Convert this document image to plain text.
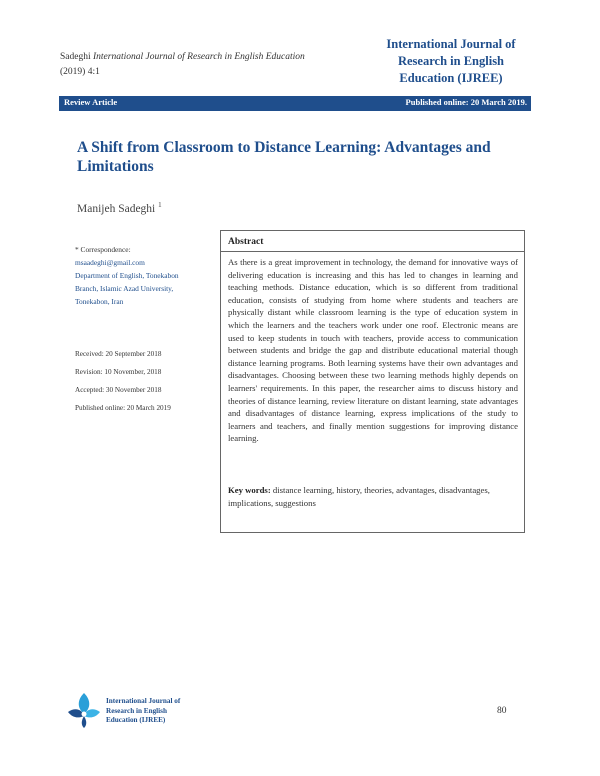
Sadeghi International Journal of Research in English Education
(2019) 4:1
International Journal of
Research in English
Education (IJREE)
Review Article	Published online: 20 March 2019.
A Shift from Classroom to Distance Learning: Advantages and
Limitations
Manijeh Sadeghi $^1$
* Correspondence:
msaadeghi@gmail.com
Department of English, Tonekabon
Branch, Islamic Azad University,
Tonekabon, Iran
Received: 20 September 2018
Revision: 10 November, 2018
Accepted: 30 November 2018
Published online: 20 March 2019
Abstract
As there is a great improvement in technology, the demand for innovative ways of delivering education is increasing and this has led to changes in learning and teaching methods. Distance education, which is so different from traditional education, consists of studying from home where students and teachers are physically distant while classroom learning is the type of education system in which the learners and the teachers work under one roof. Electronic means are used to keep students in touch with teachers, provide access to communication between students and bridge the gap and distribute educational material though distance learning programs. Both learning systems have their own advantages and disadvantages. Choosing between these two learning methods highly depends on learners' requirements. In this paper, the researcher aims to discuss history and theories of distance learning, review literature on distant learning, state advantages and disadvantages of distance learning, express implications of the study to learners and teachers, and finally mention suggestions for improving distance learning.
Key words: distance learning, history, theories, advantages, disadvantages, implications, suggestions
International Journal of
Research in English
Education (IJREE)
80
